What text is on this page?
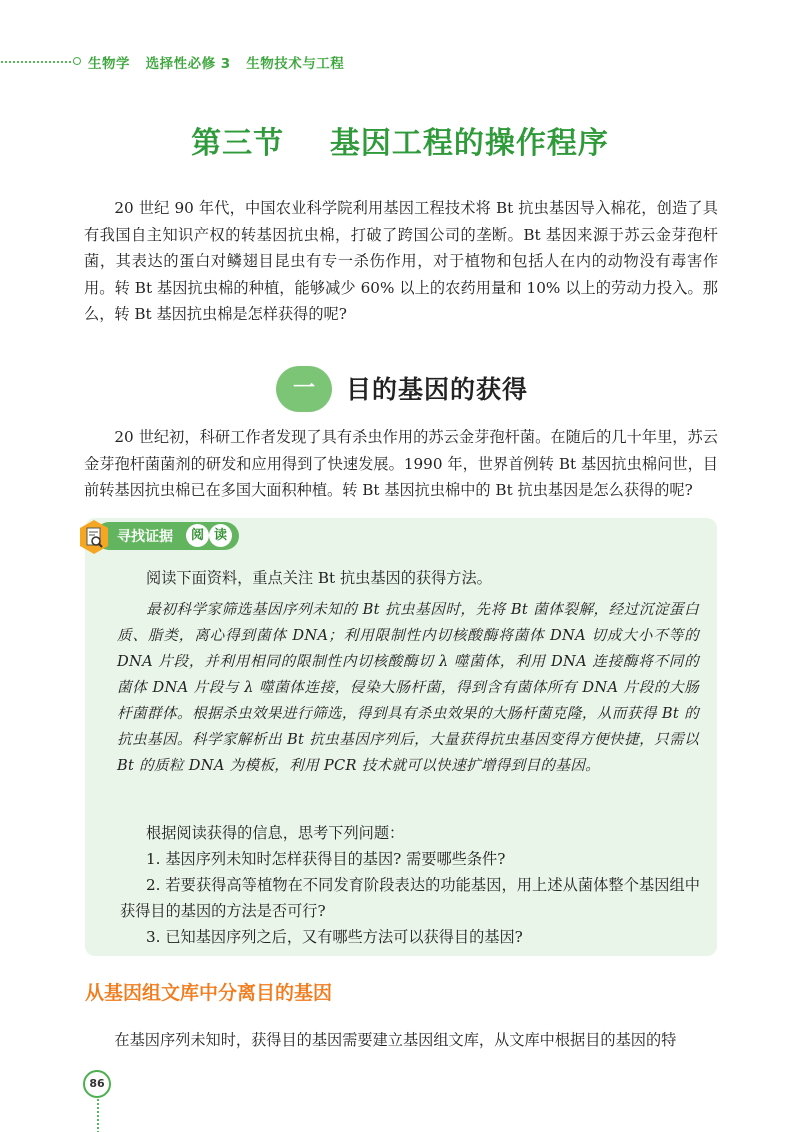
生物学   选择性必修 3   生物技术与工程
第三节    基因工程的操作程序

20 世纪 90 年代，中国农业科学院利用基因工程技术将 Bt 抗虫基因导入棉花，创造了具有我国自主知识产权的转基因抗虫棉，打破了跨国公司的垄断。Bt 基因来源于苏云金芽孢杆菌，其表达的蛋白对鳞翅目昆虫有专一杀伤作用，对于植物和包括人在内的动物没有毒害作用。转 Bt 基因抗虫棉的种植，能够减少 60% 以上的农药用量和 10% 以上的劳动力投入。那么，转 Bt 基因抗虫棉是怎样获得的呢?

一	目的基因的获得

20 世纪初，科研工作者发现了具有杀虫作用的苏云金芽孢杆菌。在随后的几十年里，苏云金芽孢杆菌菌剂的研发和应用得到了快速发展。1990 年，世界首例转 Bt 基因抗虫棉问世，目前转基因抗虫棉已在多国大面积种植。转 Bt 基因抗虫棉中的 Bt 抗虫基因是怎么获得的呢?

寻找证据	阅 读
阅读下面资料，重点关注 Bt 抗虫基因的获得方法。

最初科学家筛选基因序列未知的 Bt 抗虫基因时，先将 Bt 菌体裂解，经过沉淀蛋白质、脂类，离心得到菌体 DNA；利用限制性内切核酸酶将菌体 DNA 切成大小不等的 DNA 片段，并利用相同的限制性内切核酸酶切 λ 噬菌体，利用 DNA 连接酶将不同的菌体 DNA 片段与 λ 噬菌体连接，侵染大肠杆菌，得到含有菌体所有 DNA 片段的大肠杆菌群体。根据杀虫效果进行筛选，得到具有杀虫效果的大肠杆菌克隆，从而获得 Bt 的抗虫基因。科学家解析出 Bt 抗虫基因序列后，大量获得抗虫基因变得方便快捷，只需以 Bt 的质粒 DNA 为模板，利用 PCR 技术就可以快速扩增得到目的基因。

根据阅读获得的信息，思考下列问题：

1. 基因序列未知时怎样获得目的基因? 需要哪些条件?

2. 若要获得高等植物在不同发育阶段表达的功能基因，用上述从菌体整个基因组中获得目的基因的方法是否可行?

3. 已知基因序列之后，又有哪些方法可以获得目的基因?

从基因组文库中分离目的基因

在基因序列未知时，获得目的基因需要建立基因组文库，从文库中根据目的基因的特

86
